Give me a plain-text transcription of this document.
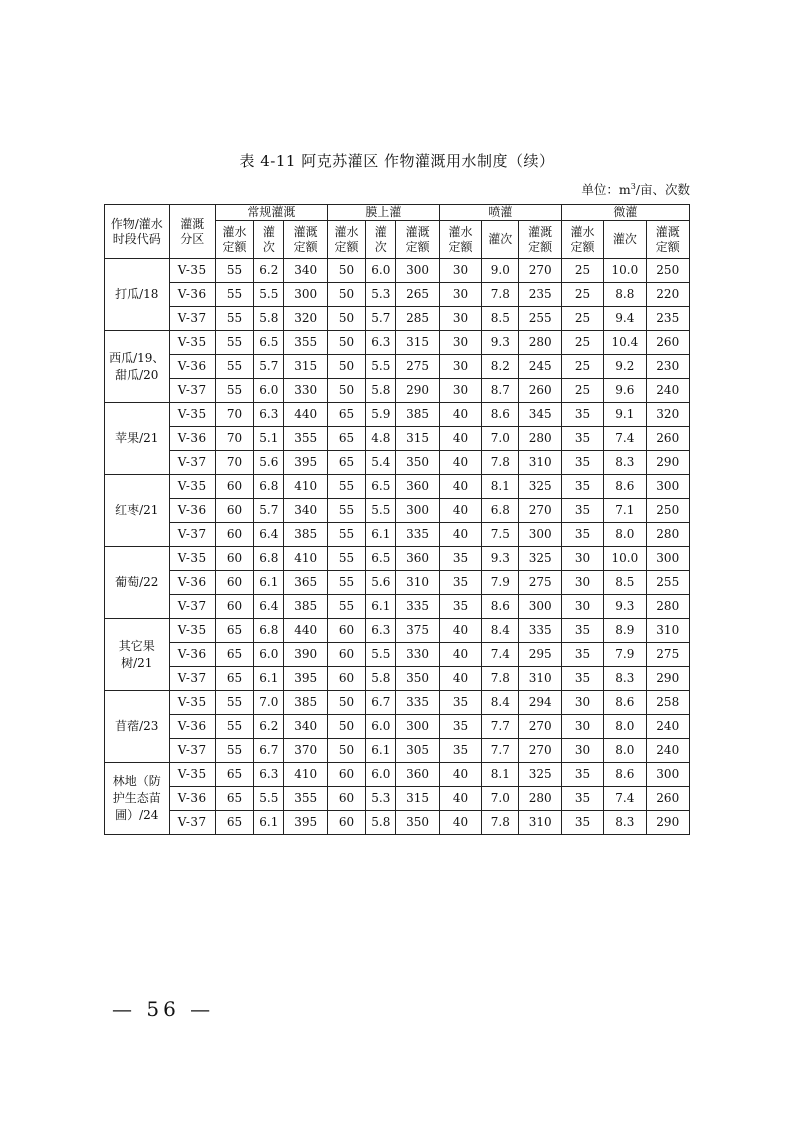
表 4-11 阿克苏灌区 作物灌溉用水制度（续）
单位：$m^3/$亩、次数
作物/灌水时段代码	灌溉分区	常规灌溉			膜上灌			喷灌			微灌		
		灌水定额	灌次	灌溉定额	灌水定额	灌次	灌溉定额	灌水定额	灌次	灌溉定额	灌水定额	灌次	灌溉定额
打瓜/18	V-35	55	6.2	340	50	6.0	300	30	9.0	270	25	10.0	250
	V-36	55	5.5	300	50	5.3	265	30	7.8	235	25	8.8	220
	V-37	55	5.8	320	50	5.7	285	30	8.5	255	25	9.4	235
西瓜/19、甜瓜/20	V-35	55	6.5	355	50	6.3	315	30	9.3	280	25	10.4	260
	V-36	55	5.7	315	50	5.5	275	30	8.2	245	25	9.2	230
	V-37	55	6.0	330	50	5.8	290	30	8.7	260	25	9.6	240
苹果/21	V-35	70	6.3	440	65	5.9	385	40	8.6	345	35	9.1	320
	V-36	70	5.1	355	65	4.8	315	40	7.0	280	35	7.4	260
	V-37	70	5.6	395	65	5.4	350	40	7.8	310	35	8.3	290
红枣/21	V-35	60	6.8	410	55	6.5	360	40	8.1	325	35	8.6	300
	V-36	60	5.7	340	55	5.5	300	40	6.8	270	35	7.1	250
	V-37	60	6.4	385	55	6.1	335	40	7.5	300	35	8.0	280
葡萄/22	V-35	60	6.8	410	55	6.5	360	35	9.3	325	30	10.0	300
	V-36	60	6.1	365	55	5.6	310	35	7.9	275	30	8.5	255
	V-37	60	6.4	385	55	6.1	335	35	8.6	300	30	9.3	280
其它果树/21	V-35	65	6.8	440	60	6.3	375	40	8.4	335	35	8.9	310
	V-36	65	6.0	390	60	5.5	330	40	7.4	295	35	7.9	275
	V-37	65	6.1	395	60	5.8	350	40	7.8	310	35	8.3	290
苜蓿/23	V-35	55	7.0	385	50	6.7	335	35	8.4	294	30	8.6	258
	V-36	55	6.2	340	50	6.0	300	35	7.7	270	30	8.0	240
	V-37	55	6.7	370	50	6.1	305	35	7.7	270	30	8.0	240
林地（防护生态苗圃）/24	V-35	65	6.3	410	60	6.0	360	40	8.1	325	35	8.6	300
	V-36	65	5.5	355	60	5.3	315	40	7.0	280	35	7.4	260
	V-37	65	6.1	395	60	5.8	350	40	7.8	310	35	8.3	290
— 56 —
